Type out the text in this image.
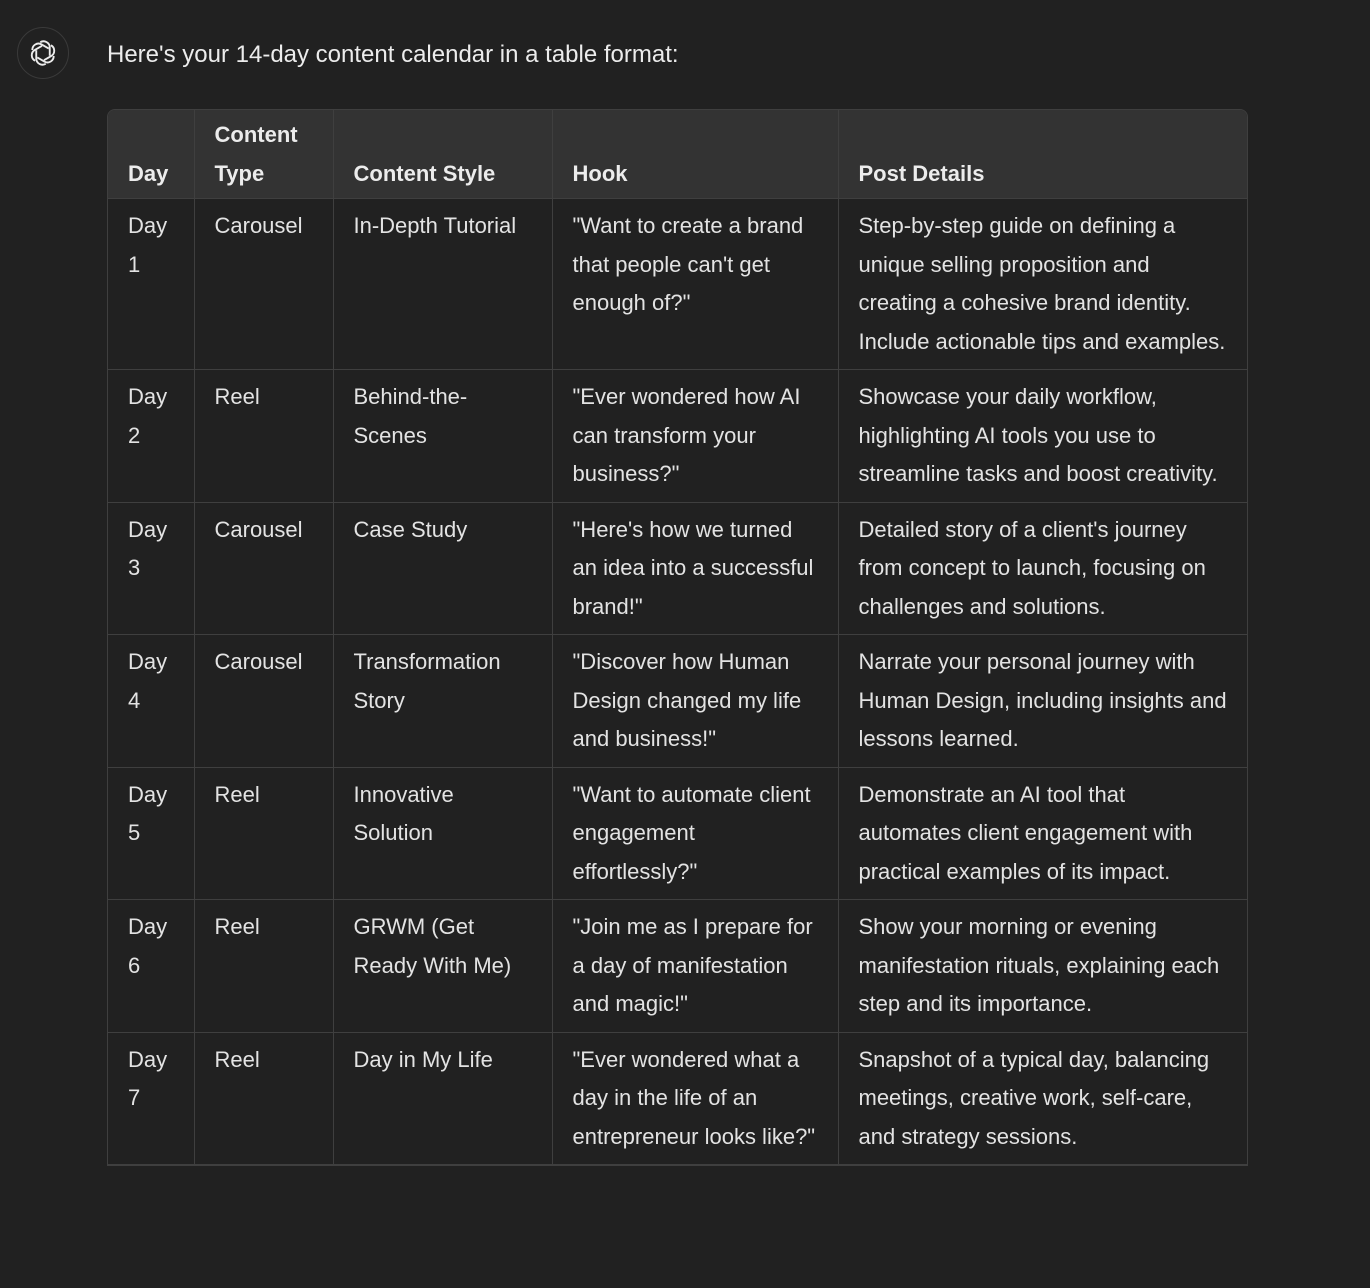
Here's your 14-day content calendar in a table format:

Day	Content Type	Content Style	Hook	Post Details
Day 1	Carousel	In-Depth Tutorial	"Want to create a brand that people can't get enough of?"	Step-by-step guide on defining a unique selling proposition and creating a cohesive brand identity. Include actionable tips and examples.
Day 2	Reel	Behind-the-Scenes	"Ever wondered how AI can transform your business?"	Showcase your daily workflow, highlighting AI tools you use to streamline tasks and boost creativity.
Day 3	Carousel	Case Study	"Here's how we turned an idea into a successful brand!"	Detailed story of a client's journey from concept to launch, focusing on challenges and solutions.
Day 4	Carousel	Transformation Story	"Discover how Human Design changed my life and business!"	Narrate your personal journey with Human Design, including insights and lessons learned.
Day 5	Reel	Innovative Solution	"Want to automate client engagement effortlessly?"	Demonstrate an AI tool that automates client engagement with practical examples of its impact.
Day 6	Reel	GRWM (Get Ready With Me)	"Join me as I prepare for a day of manifestation and magic!"	Show your morning or evening manifestation rituals, explaining each step and its importance.
Day 7	Reel	Day in My Life	"Ever wondered what a day in the life of an entrepreneur looks like?"	Snapshot of a typical day, balancing meetings, creative work, self-care, and strategy sessions.
